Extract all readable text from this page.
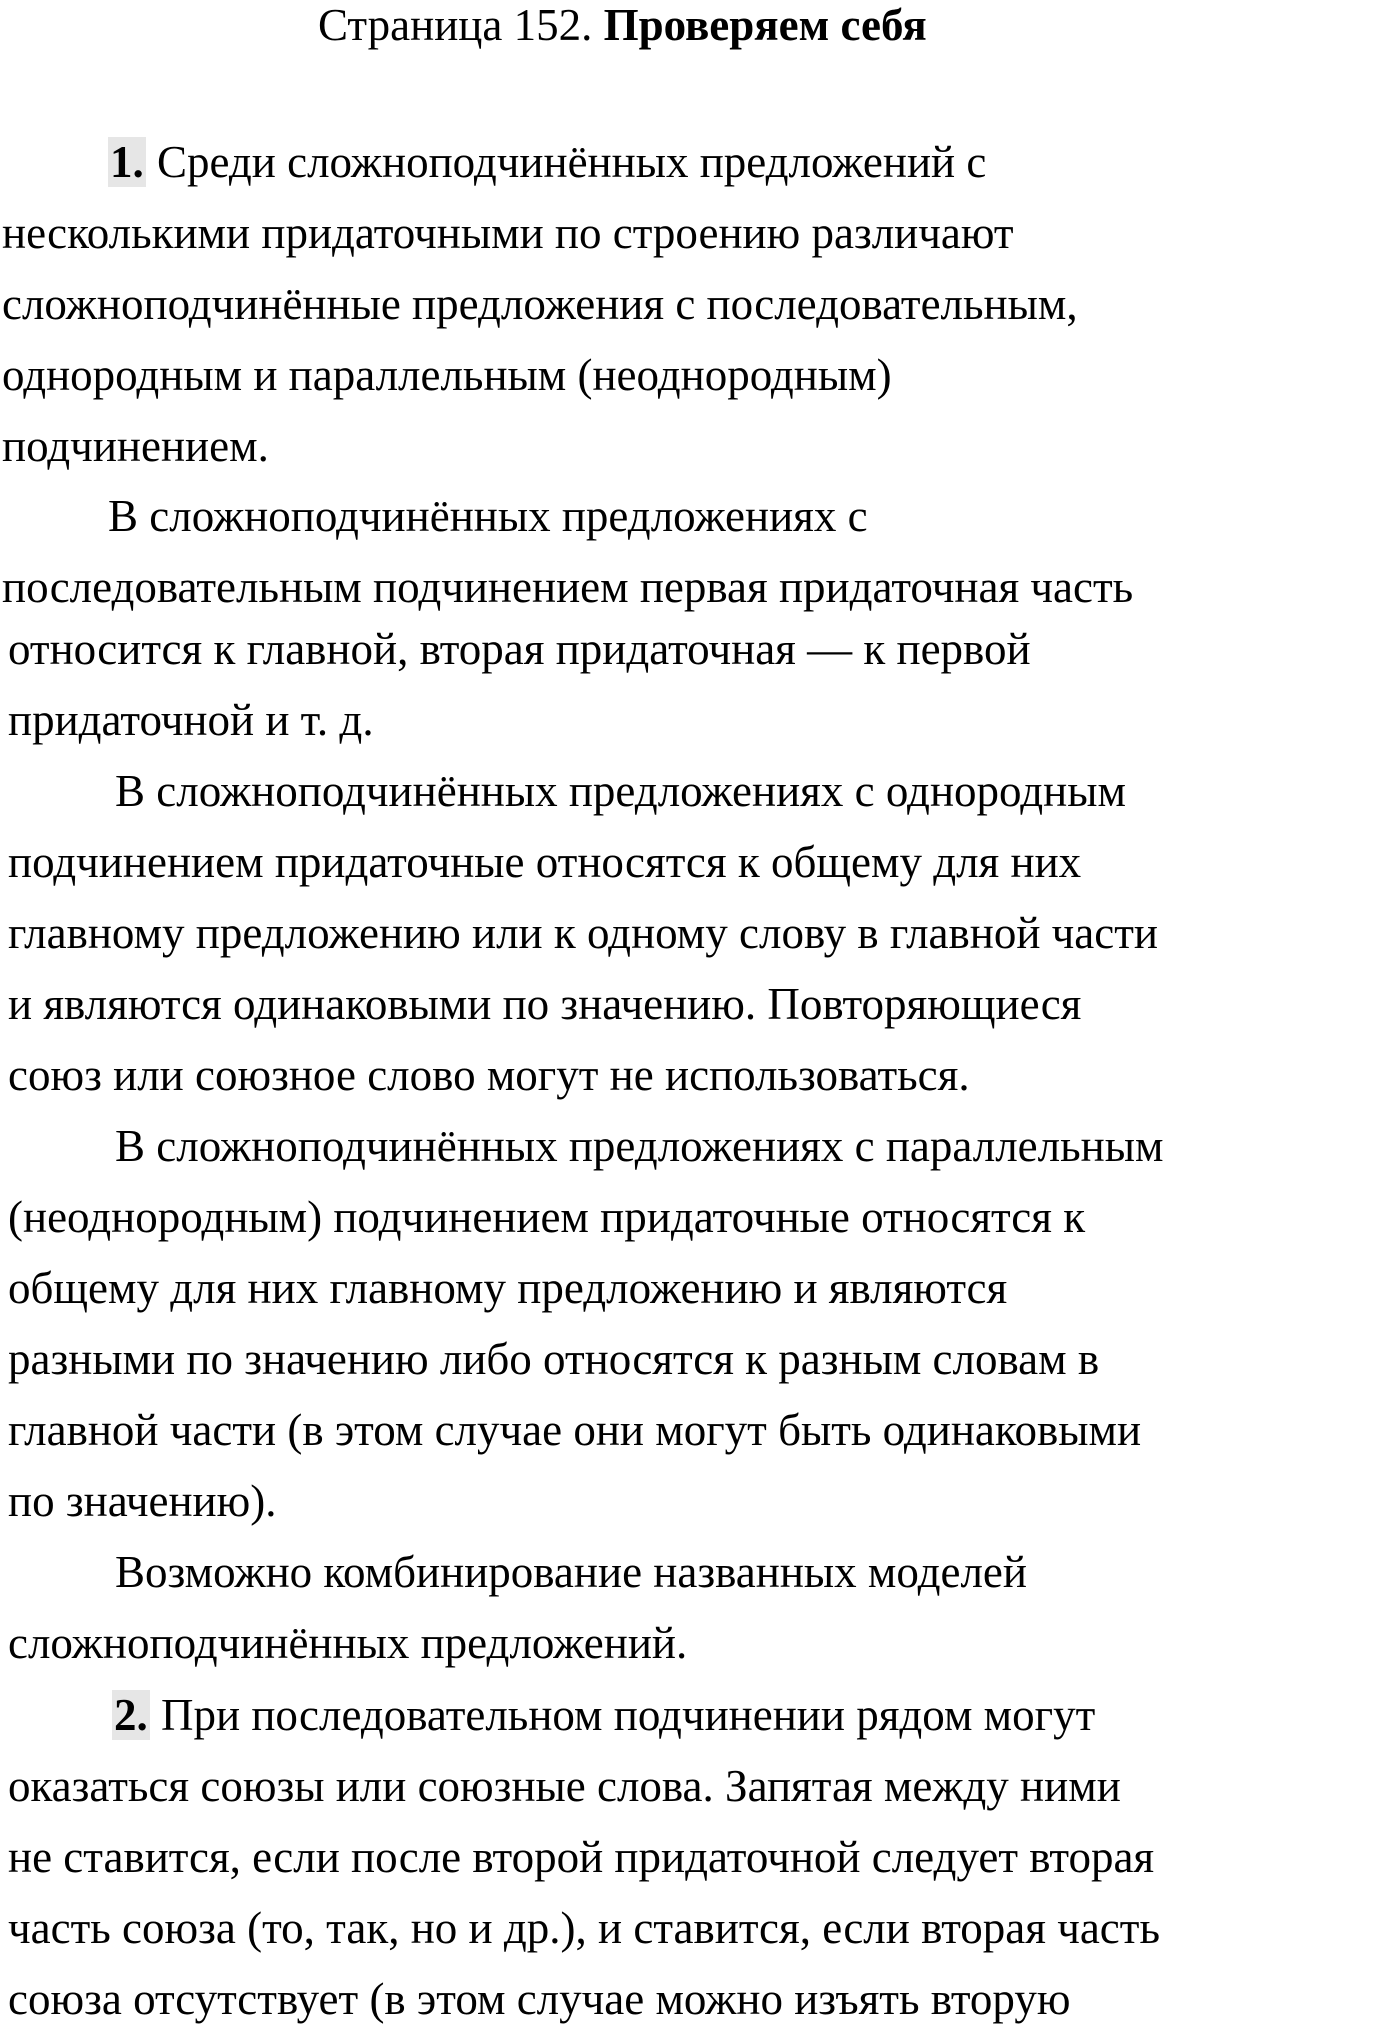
Страница 152. Проверяем себя
1. Среди сложноподчинённых предложений с
несколькими придаточными по строению различают
сложноподчинённые предложения с последовательным,
однородным и параллельным (неоднородным)
подчинением.
В сложноподчинённых предложениях с
последовательным подчинением первая придаточная часть
относится к главной, вторая придаточная — к первой
придаточной и т. д.
В сложноподчинённых предложениях с однородным
подчинением придаточные относятся к общему для них
главному предложению или к одному слову в главной части
и являются одинаковыми по значению. Повторяющиеся
союз или союзное слово могут не использоваться.
В сложноподчинённых предложениях с параллельным
(неоднородным) подчинением придаточные относятся к
общему для них главному предложению и являются
разными по значению либо относятся к разным словам в
главной части (в этом случае они могут быть одинаковыми
по значению).
Возможно комбинирование названных моделей
сложноподчинённых предложений.
2. При последовательном подчинении рядом могут
оказаться союзы или союзные слова. Запятая между ними
не ставится, если после второй придаточной следует вторая
часть союза (то, так, но и др.), и ставится, если вторая часть
союза отсутствует (в этом случае можно изъять вторую
